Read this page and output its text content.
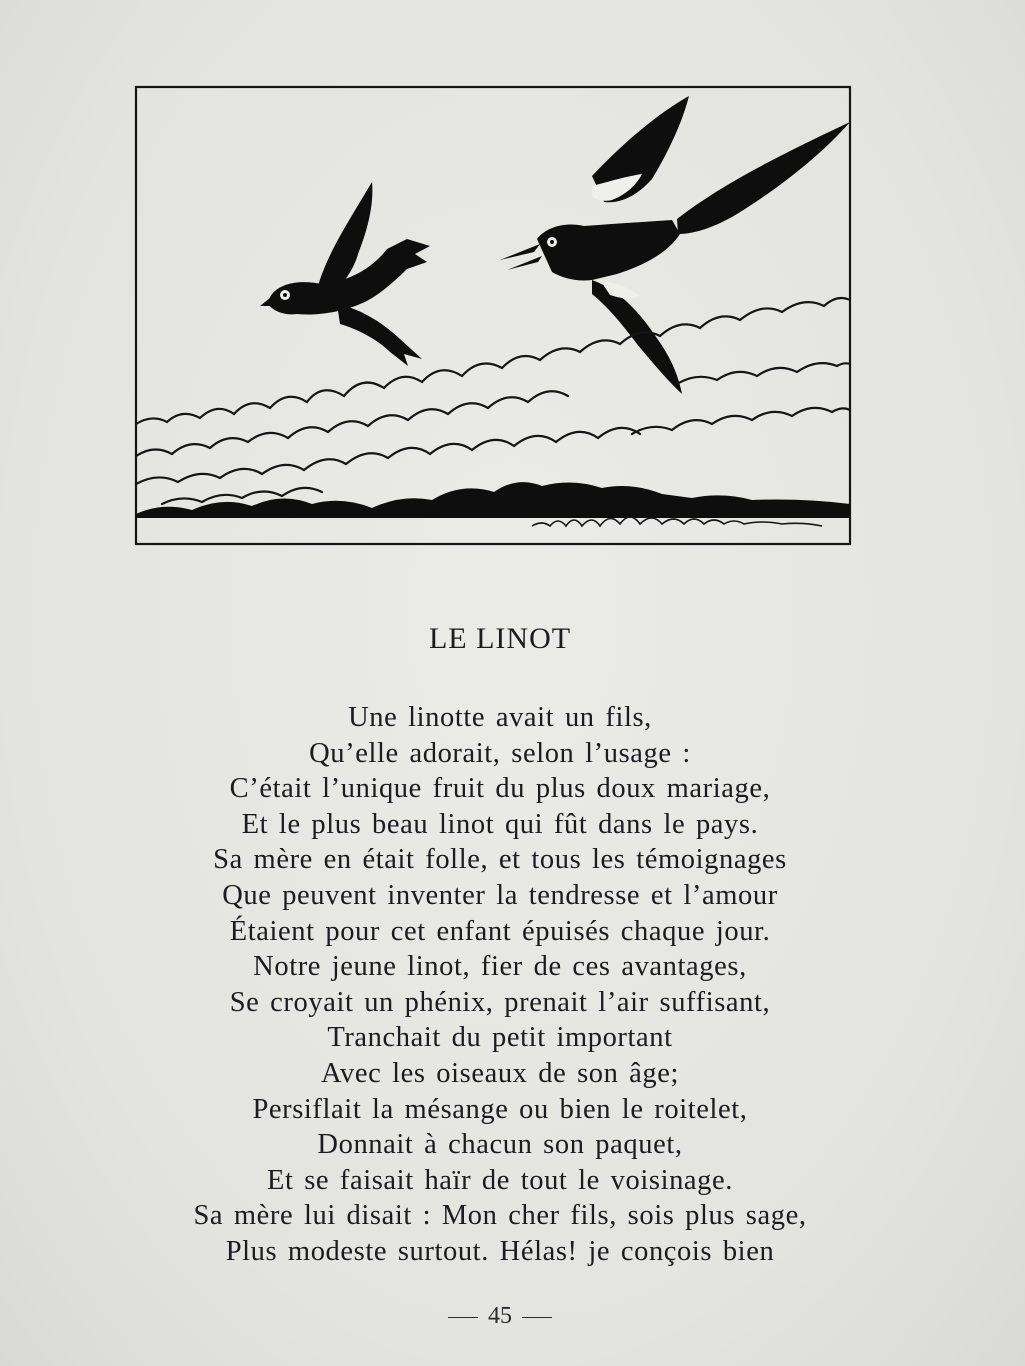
LE LINOT
Une linotte avait un fils,
Qu’elle adorait, selon l’usage :
C’était l’unique fruit du plus doux mariage,
Et le plus beau linot qui fût dans le pays.
Sa mère en était folle, et tous les témoignages
Que peuvent inventer la tendresse et l’amour
Étaient pour cet enfant épuisés chaque jour.
Notre jeune linot, fier de ces avantages,
Se croyait un phénix, prenait l’air suffisant,
Tranchait du petit important
Avec les oiseaux de son âge;
Persiflait la mésange ou bien le roitelet,
Donnait à chacun son paquet,
Et se faisait haïr de tout le voisinage.
Sa mère lui disait : Mon cher fils, sois plus sage,
Plus modeste surtout. Hélas! je conçois bien
45
